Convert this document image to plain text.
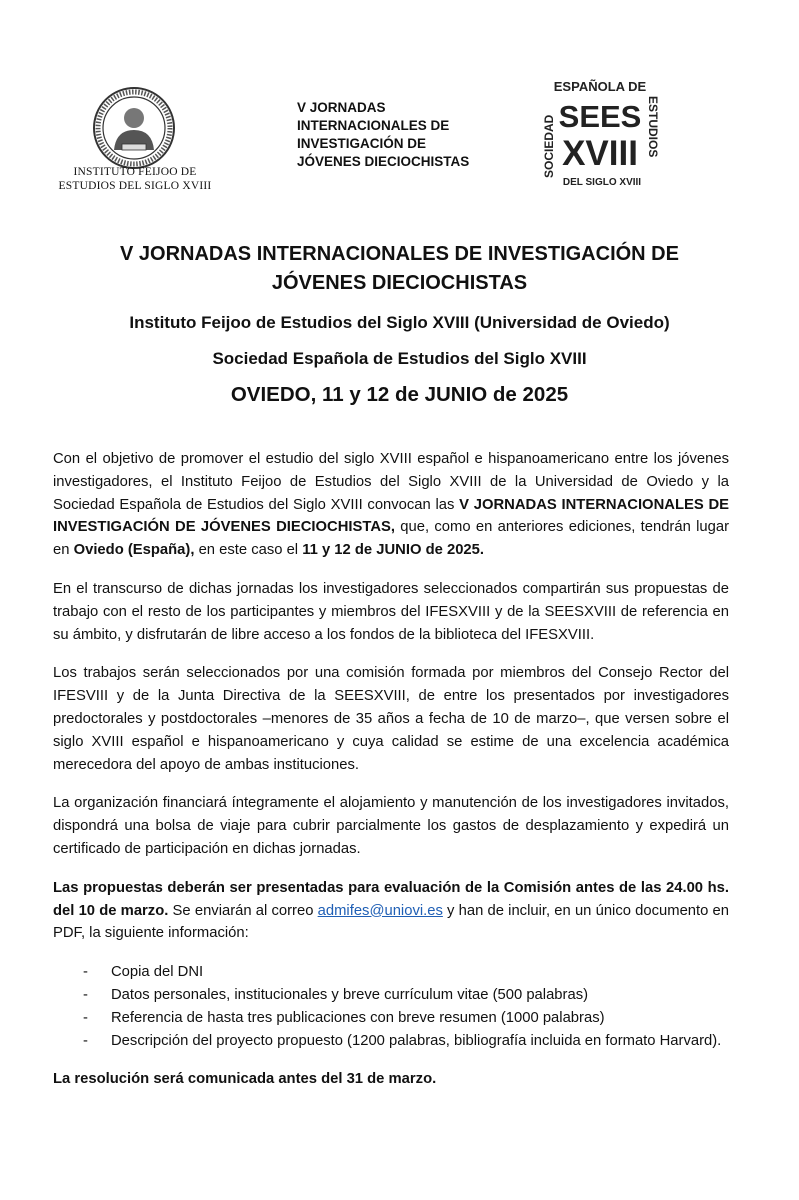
INSTITUTO FEIJOO DE
ESTUDIOS DEL SIGLO XVIII
V JORNADAS
INTERNACIONALES DE
INVESTIGACIÓN DE
JÓVENES DIECIOCHISTAS
ESPAÑOLA DE
SOCIEDAD	ESTUDIOS
SEES
XVIII
DEL SIGLO XVIII
V JORNADAS INTERNACIONALES DE INVESTIGACIÓN DE
JÓVENES DIECIOCHISTAS
Instituto Feijoo de Estudios del Siglo XVIII (Universidad de Oviedo)
Sociedad Española de Estudios del Siglo XVIII
OVIEDO, 11 y 12 de JUNIO de 2025

Con el objetivo de promover el estudio del siglo XVIII español e hispanoamericano entre los jóvenes investigadores, el Instituto Feijoo de Estudios del Siglo XVIII de la Universidad de Oviedo y la Sociedad Española de Estudios del Siglo XVIII convocan las V JORNADAS INTERNACIONALES DE INVESTIGACIÓN DE JÓVENES DIECIOCHISTAS, que, como en anteriores ediciones, tendrán lugar en Oviedo (España), en este caso el 11 y 12 de JUNIO de 2025.

En el transcurso de dichas jornadas los investigadores seleccionados compartirán sus propuestas de trabajo con el resto de los participantes y miembros del IFESXVIII y de la SEESXVIII de referencia en su ámbito, y disfrutarán de libre acceso a los fondos de la biblioteca del IFESXVIII.

Los trabajos serán seleccionados por una comisión formada por miembros del Consejo Rector del IFESVIII y de la Junta Directiva de la SEESXVIII, de entre los presentados por investigadores predoctorales y postdoctorales –menores de 35 años a fecha de 10 de marzo–, que versen sobre el siglo XVIII español e hispanoamericano y cuya calidad se estime de una excelencia académica merecedora del apoyo de ambas instituciones.

La organización financiará íntegramente el alojamiento y manutención de los investigadores invitados, dispondrá una bolsa de viaje para cubrir parcialmente los gastos de desplazamiento y expedirá un certificado de participación en dichas jornadas.

Las propuestas deberán ser presentadas para evaluación de la Comisión antes de las 24.00 hs. del 10 de marzo. Se enviarán al correo admifes@uniovi.es y han de incluir, en un único documento en PDF, la siguiente información:

- Copia del DNI
- Datos personales, institucionales y breve currículum vitae (500 palabras)
- Referencia de hasta tres publicaciones con breve resumen (1000 palabras)
- Descripción del proyecto propuesto (1200 palabras, bibliografía incluida en formato Harvard).

La resolución será comunicada antes del 31 de marzo.
